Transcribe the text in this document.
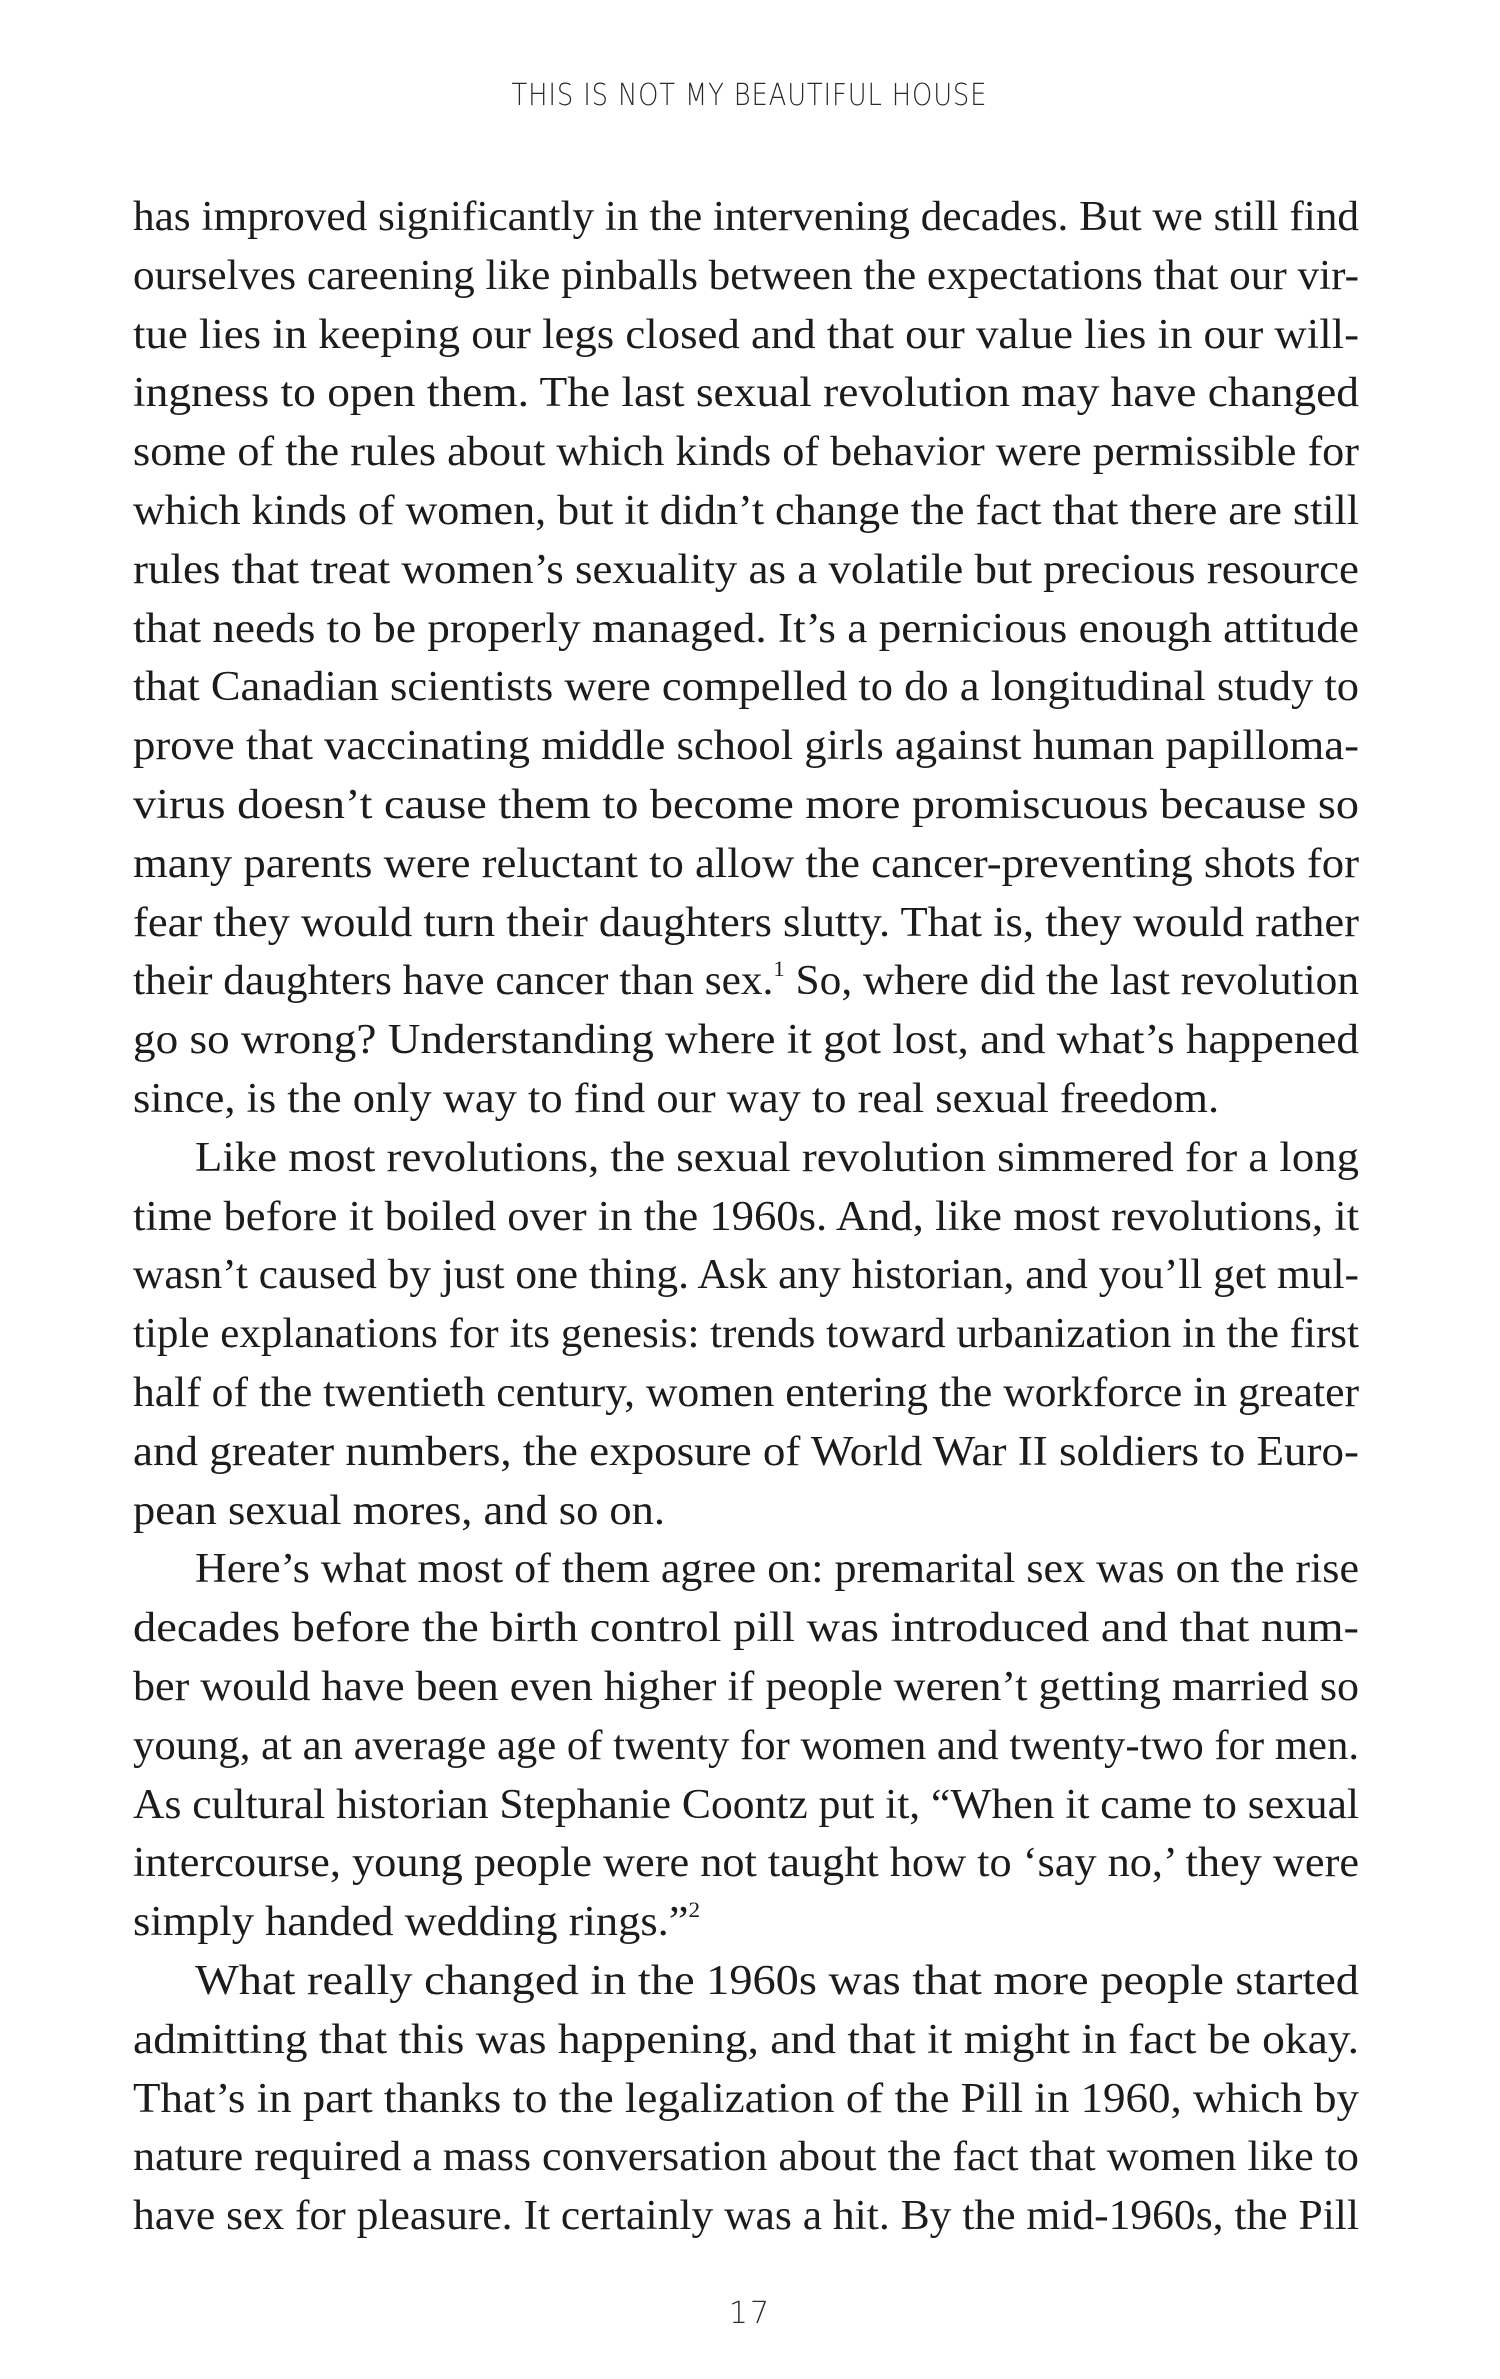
THIS IS NOT MY BEAUTIFUL HOUSE
has improved significantly in the intervening decades. But we still find
ourselves careening like pinballs between the expectations that our vir-
tue lies in keeping our legs closed and that our value lies in our will-
ingness to open them. The last sexual revolution may have changed
some of the rules about which kinds of behavior were permissible for
which kinds of women, but it didn’t change the fact that there are still
rules that treat women’s sexuality as a volatile but precious resource
that needs to be properly managed. It’s a pernicious enough attitude
that Canadian scientists were compelled to do a longitudinal study to
prove that vaccinating middle school girls against human papilloma-
virus doesn’t cause them to become more promiscuous because so
many parents were reluctant to allow the cancer-preventing shots for
fear they would turn their daughters slutty. That is, they would rather
their daughters have cancer than sex.$^1$ So, where did the last revolution
go so wrong? Understanding where it got lost, and what’s happened
since, is the only way to find our way to real sexual freedom.
Like most revolutions, the sexual revolution simmered for a long
time before it boiled over in the 1960s. And, like most revolutions, it
wasn’t caused by just one thing. Ask any historian, and you’ll get mul-
tiple explanations for its genesis: trends toward urbanization in the first
half of the twentieth century, women entering the workforce in greater
and greater numbers, the exposure of World War II soldiers to Euro-
pean sexual mores, and so on.
Here’s what most of them agree on: premarital sex was on the rise
decades before the birth control pill was introduced and that num-
ber would have been even higher if people weren’t getting married so
young, at an average age of twenty for women and twenty-two for men.
As cultural historian Stephanie Coontz put it, “When it came to sexual
intercourse, young people were not taught how to ‘say no,’ they were
simply handed wedding rings.”$^2$
What really changed in the 1960s was that more people started
admitting that this was happening, and that it might in fact be okay.
That’s in part thanks to the legalization of the Pill in 1960, which by
nature required a mass conversation about the fact that women like to
have sex for pleasure. It certainly was a hit. By the mid-1960s, the Pill
17
